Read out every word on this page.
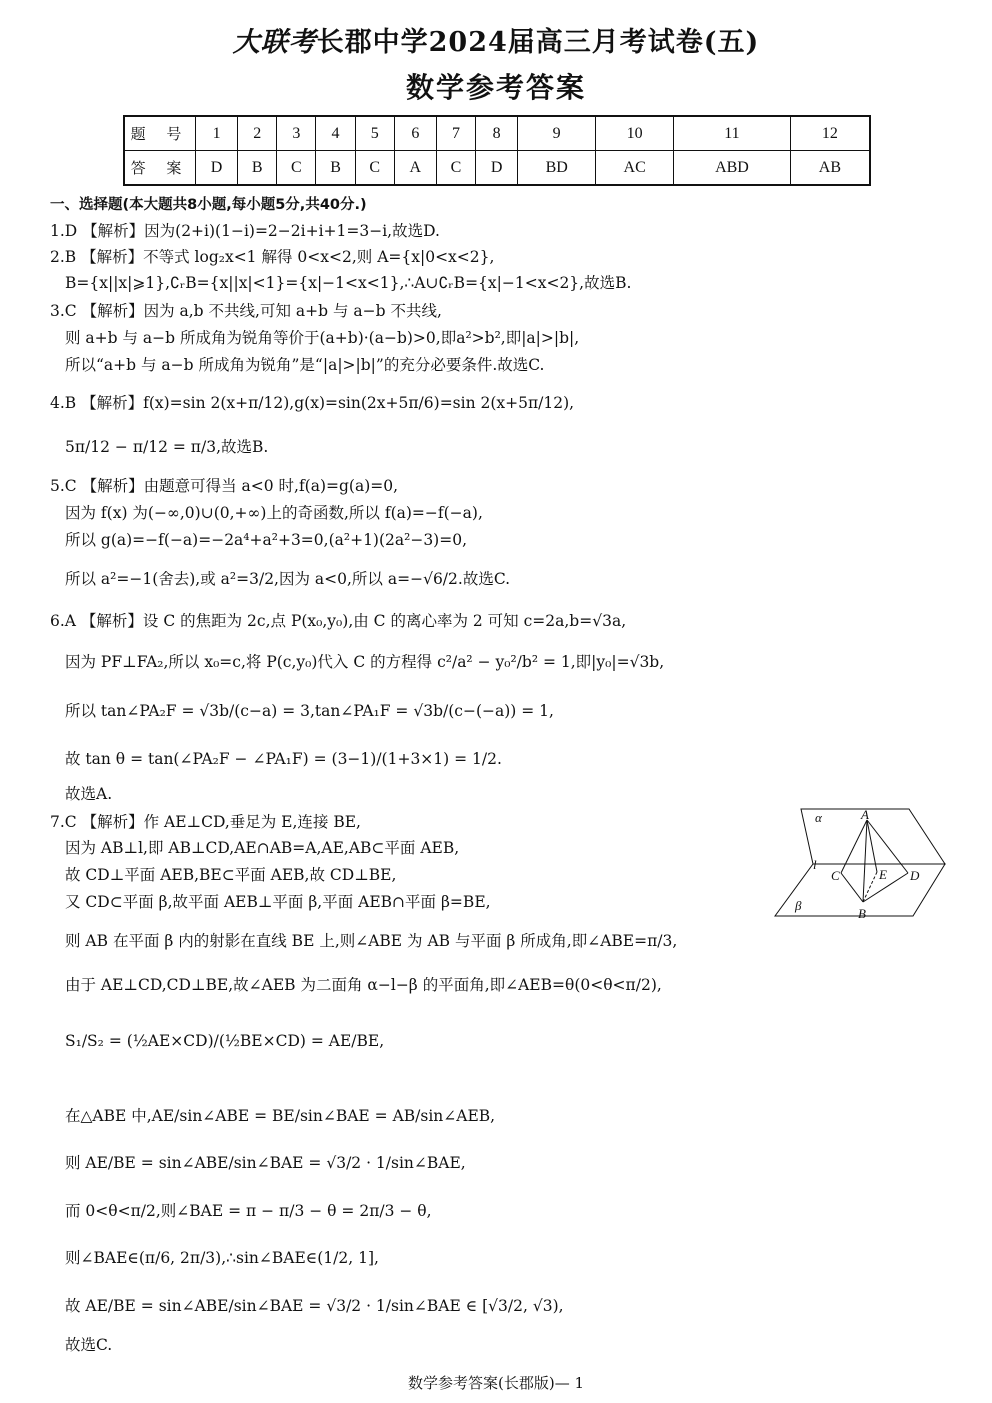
大联考长郡中学2024届高三月考试卷(五)
数学参考答案
题 号	1	2	3	4	5	6	7	8	9	10	11	12
答 案	D	B	C	B	C	A	C	D	BD	AC	ABD	AB
一、选择题(本大题共8小题,每小题5分,共40分.)
1.D 【解析】因为(2+i)(1−i)=2−2i+i+1=3−i,故选D.
2.B 【解析】不等式 log₂x<1 解得 0<x<2,则 A={x|0<x<2},
B={x||x|⩾1},∁ᵣB={x||x|<1}={x|−1<x<1},∴A∪∁ᵣB={x|−1<x<2},故选B.
3.C 【解析】因为 a,b 不共线,可知 a+b 与 a−b 不共线,
则 a+b 与 a−b 所成角为锐角等价于(a+b)·(a−b)>0,即a²>b²,即|a|>|b|,
所以“a+b 与 a−b 所成角为锐角”是“|a|>|b|”的充分必要条件.故选C.
4.B 【解析】f(x)=sin 2(x+π/12),g(x)=sin(2x+5π/6)=sin 2(x+5π/12),
5π/12 − π/12 = π/3,故选B.
5.C 【解析】由题意可得当 a<0 时,f(a)=g(a)=0,
因为 f(x) 为(−∞,0)∪(0,+∞)上的奇函数,所以 f(a)=−f(−a),
所以 g(a)=−f(−a)=−2a⁴+a²+3=0,(a²+1)(2a²−3)=0,
所以 a²=−1(舍去),或 a²=3/2,因为 a<0,所以 a=−√6/2.故选C.
6.A 【解析】设 C 的焦距为 2c,点 P(x₀,y₀),由 C 的离心率为 2 可知 c=2a,b=√3a,
因为 PF⊥FA₂,所以 x₀=c,将 P(c,y₀)代入 C 的方程得 c²/a² − y₀²/b² = 1,即|y₀|=√3b,
所以 tan∠PA₂F = √3b/(c−a) = 3,tan∠PA₁F = √3b/(c−(−a)) = 1,
故 tan θ = tan(∠PA₂F − ∠PA₁F) = (3−1)/(1+3×1) = 1/2.
故选A.
7.C 【解析】作 AE⊥CD,垂足为 E,连接 BE,
因为 AB⊥l,即 AB⊥CD,AE∩AB=A,AE,AB⊂平面 AEB,
故 CD⊥平面 AEB,BE⊂平面 AEB,故 CD⊥BE,
又 CD⊂平面 β,故平面 AEB⊥平面 β,平面 AEB∩平面 β=BE,
则 AB 在平面 β 内的射影在直线 BE 上,则∠ABE 为 AB 与平面 β 所成角,即∠ABE=π/3,
由于 AE⊥CD,CD⊥BE,故∠AEB 为二面角 α−l−β 的平面角,即∠AEB=θ(0<θ<π/2),
S₁/S₂ = (½AE×CD)/(½BE×CD) = AE/BE,
在△ABE 中,AE/sin∠ABE = BE/sin∠BAE = AB/sin∠AEB,
则 AE/BE = sin∠ABE/sin∠BAE = √3/2 · 1/sin∠BAE,
而 0<θ<π/2,则∠BAE = π − π/3 − θ = 2π/3 − θ,
则∠BAE∈(π/6, 2π/3),∴sin∠BAE∈(1/2, 1],
故 AE/BE = sin∠ABE/sin∠BAE = √3/2 · 1/sin∠BAE ∈ [√3/2, √3),
故选C.
α
β
l
A
B
C	D
E
数学参考答案(长郡版)— 1
